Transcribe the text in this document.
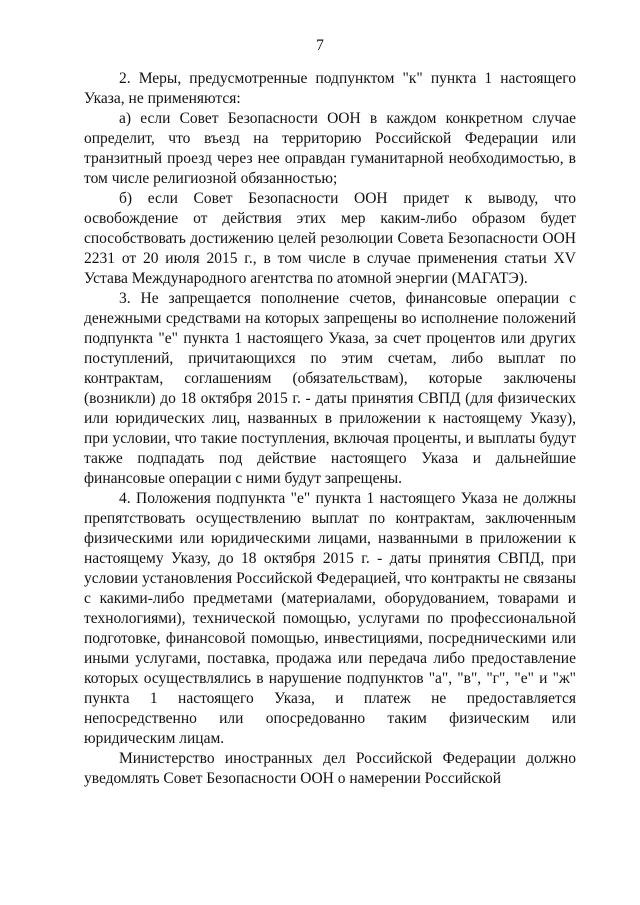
7

2. Меры, предусмотренные подпунктом "к" пункта 1 настоящего Указа, не применяются:

а) если Совет Безопасности ООН в каждом конкретном случае определит, что въезд на территорию Российской Федерации или транзитный проезд через нее оправдан гуманитарной необходимостью, в том числе религиозной обязанностью;

б) если Совет Безопасности ООН придет к выводу, что освобождение от действия этих мер каким-либо образом будет способствовать достижению целей резолюции Совета Безопасности ООН 2231 от 20 июля 2015 г., в том числе в случае применения статьи XV Устава Международного агентства по атомной энергии (МАГАТЭ).

3. Не запрещается пополнение счетов, финансовые операции с денежными средствами на которых запрещены во исполнение положений подпункта "е" пункта 1 настоящего Указа, за счет процентов или других поступлений, причитающихся по этим счетам, либо выплат по контрактам, соглашениям (обязательствам), которые заключены (возникли) до 18 октября 2015 г. - даты принятия СВПД (для физических или юридических лиц, названных в приложении к настоящему Указу), при условии, что такие поступления, включая проценты, и выплаты будут также подпадать под действие настоящего Указа и дальнейшие финансовые операции с ними будут запрещены.

4. Положения подпункта "е" пункта 1 настоящего Указа не должны препятствовать осуществлению выплат по контрактам, заключенным физическими или юридическими лицами, названными в приложении к настоящему Указу, до 18 октября 2015 г. - даты принятия СВПД, при условии установления Российской Федерацией, что контракты не связаны с какими-либо предметами (материалами, оборудованием, товарами и технологиями), технической помощью, услугами по профессиональной подготовке, финансовой помощью, инвестициями, посредническими или иными услугами, поставка, продажа или передача либо предоставление которых осуществлялись в нарушение подпунктов "а", "в", "г", "е" и "ж" пункта 1 настоящего Указа, и платеж не предоставляется непосредственно или опосредованно таким физическим или юридическим лицам.

Министерство иностранных дел Российской Федерации должно уведомлять Совет Безопасности ООН о намерении Российской
